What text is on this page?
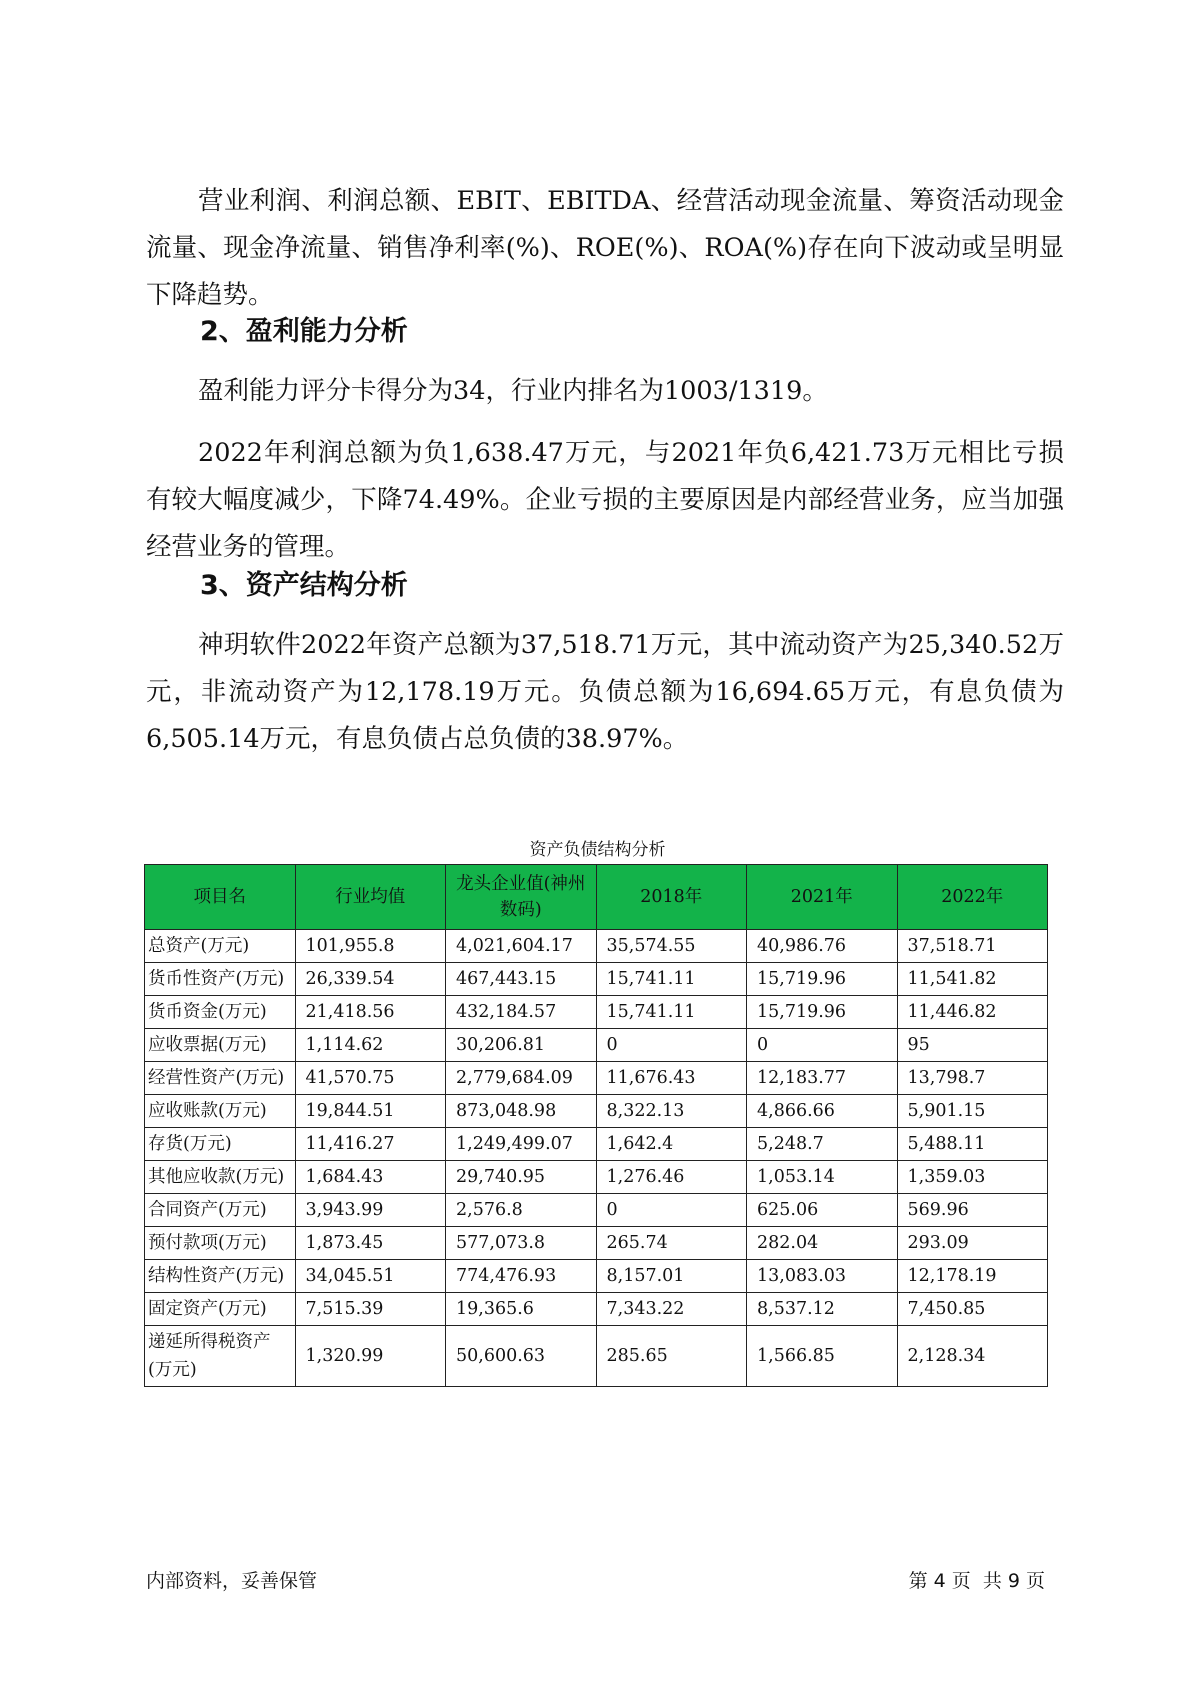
营业利润、利润总额、EBIT、EBITDA、经营活动现金流量、筹资活动现金流量、现金净流量、销售净利率(%)、ROE(%)、ROA(%)存在向下波动或呈明显下降趋势。

2、盈利能力分析

盈利能力评分卡得分为34，行业内排名为1003/1319。

2022年利润总额为负1,638.47万元，与2021年负6,421.73万元相比亏损有较大幅度减少，下降74.49%。企业亏损的主要原因是内部经营业务，应当加强经营业务的管理。

3、资产结构分析

神玥软件2022年资产总额为37,518.71万元，其中流动资产为25,340.52万元，非流动资产为12,178.19万元。负债总额为16,694.65万元，有息负债为6,505.14万元，有息负债占总负债的38.97%。

资产负债结构分析
项目名	行业均值	龙头企业值(神州数码)	2018年	2021年	2022年
总资产(万元)	101,955.8	4,021,604.17	35,574.55	40,986.76	37,518.71
货币性资产(万元)	26,339.54	467,443.15	15,741.11	15,719.96	11,541.82
货币资金(万元)	21,418.56	432,184.57	15,741.11	15,719.96	11,446.82
应收票据(万元)	1,114.62	30,206.81	0	0	95
经营性资产(万元)	41,570.75	2,779,684.09	11,676.43	12,183.77	13,798.7
应收账款(万元)	19,844.51	873,048.98	8,322.13	4,866.66	5,901.15
存货(万元)	11,416.27	1,249,499.07	1,642.4	5,248.7	5,488.11
其他应收款(万元)	1,684.43	29,740.95	1,276.46	1,053.14	1,359.03
合同资产(万元)	3,943.99	2,576.8	0	625.06	569.96
预付款项(万元)	1,873.45	577,073.8	265.74	282.04	293.09
结构性资产(万元)	34,045.51	774,476.93	8,157.01	13,083.03	12,178.19
固定资产(万元)	7,515.39	19,365.6	7,343.22	8,537.12	7,450.85
递延所得税资产(万元)	1,320.99	50,600.63	285.65	1,566.85	2,128.34
内部资料，妥善保管	第 4 页  共 9 页
